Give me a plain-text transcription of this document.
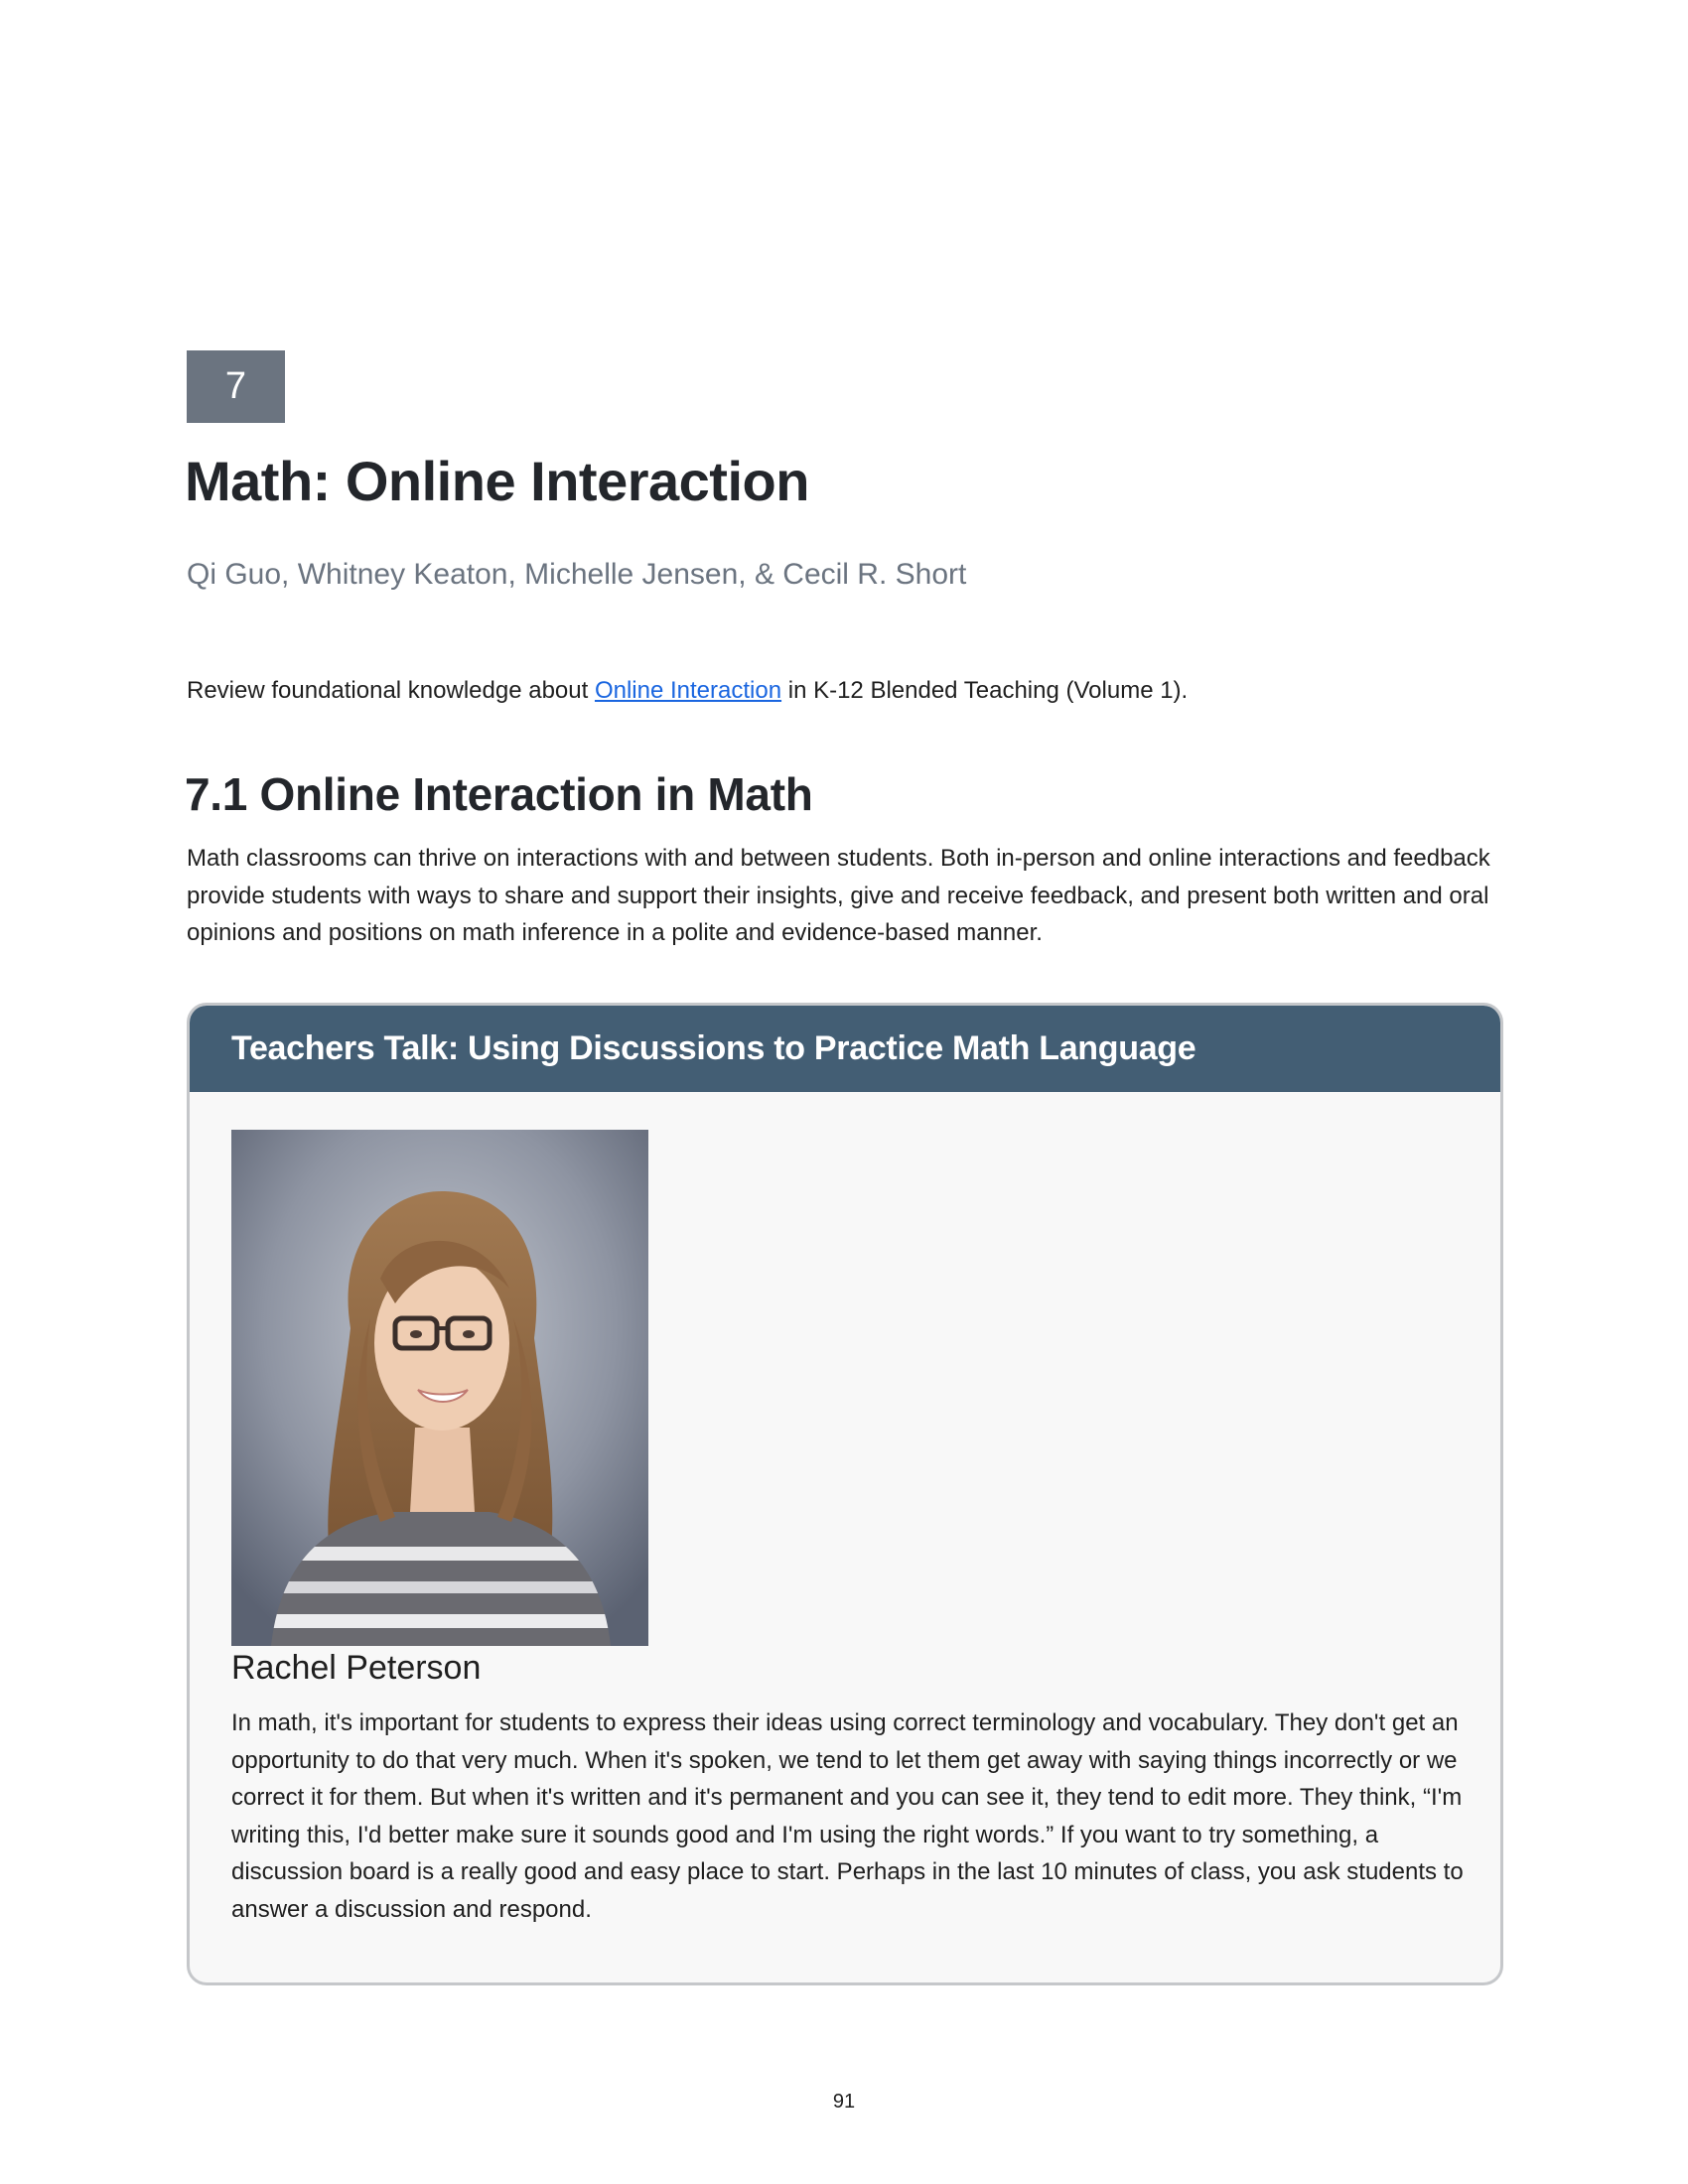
7
Math: Online Interaction
Qi Guo, Whitney Keaton, Michelle Jensen, & Cecil R. Short
Review foundational knowledge about Online Interaction in K-12 Blended Teaching (Volume 1).
7.1 Online Interaction in Math

Math classrooms can thrive on interactions with and between students. Both in-person and online interactions and feedback provide students with ways to share and support their insights, give and receive feedback, and present both written and oral opinions and positions on math inference in a polite and evidence-based manner.

Teachers Talk: Using Discussions to Practice Math Language
Rachel Peterson

In math, it's important for students to express their ideas using correct terminology and vocabulary. They don't get an opportunity to do that very much. When it's spoken, we tend to let them get away with saying things incorrectly or we correct it for them. But when it's written and it's permanent and you can see it, they tend to edit more. They think, “I'm writing this, I'd better make sure it sounds good and I'm using the right words.” If you want to try something, a discussion board is a really good and easy place to start. Perhaps in the last 10 minutes of class, you ask students to answer a discussion and respond.

91
